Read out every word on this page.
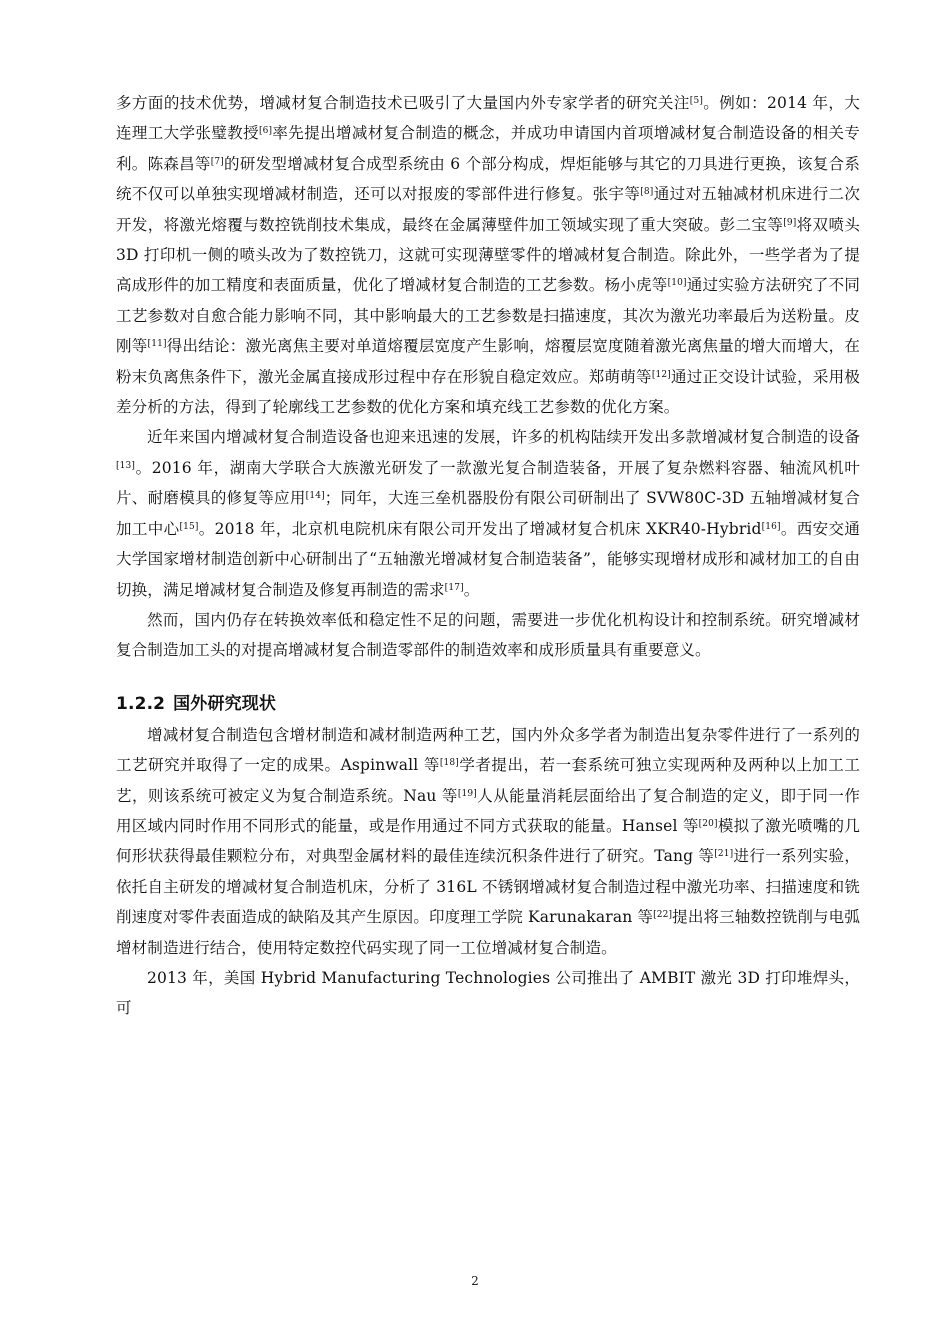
多方面的技术优势，增减材复合制造技术已吸引了大量国内外专家学者的研究关注[5]。例如：2014 年，大连理工大学张璧教授[6]率先提出增减材复合制造的概念，并成功申请国内首项增减材复合制造设备的相关专利。陈森昌等[7]的研发型增减材复合成型系统由 6 个部分构成，焊炬能够与其它的刀具进行更换，该复合系统不仅可以单独实现增减材制造，还可以对报废的零部件进行修复。张宇等[8]通过对五轴减材机床进行二次开发，将激光熔覆与数控铣削技术集成，最终在金属薄壁件加工领域实现了重大突破。彭二宝等[9]将双喷头 3D 打印机一侧的喷头改为了数控铣刀，这就可实现薄壁零件的增减材复合制造。除此外，一些学者为了提高成形件的加工精度和表面质量，优化了增减材复合制造的工艺参数。杨小虎等[10]通过实验方法研究了不同工艺参数对自愈合能力影响不同，其中影响最大的工艺参数是扫描速度，其次为激光功率最后为送粉量。皮刚等[11]得出结论：激光离焦主要对单道熔覆层宽度产生影响，熔覆层宽度随着激光离焦量的增大而增大，在粉末负离焦条件下，激光金属直接成形过程中存在形貌自稳定效应。郑萌萌等[12]通过正交设计试验，采用极差分析的方法，得到了轮廓线工艺参数的优化方案和填充线工艺参数的优化方案。

近年来国内增减材复合制造设备也迎来迅速的发展，许多的机构陆续开发出多款增减材复合制造的设备[13]。2016 年，湖南大学联合大族激光研发了一款激光复合制造装备，开展了复杂燃料容器、轴流风机叶片、耐磨模具的修复等应用[14]；同年，大连三垒机器股份有限公司研制出了 SVW80C-3D 五轴增减材复合加工中心[15]。2018 年，北京机电院机床有限公司开发出了增减材复合机床 XKR40-Hybrid[16]。西安交通大学国家增材制造创新中心研制出了“五轴激光增减材复合制造装备”，能够实现增材成形和减材加工的自由切换，满足增减材复合制造及修复再制造的需求[17]。

然而，国内仍存在转换效率低和稳定性不足的问题，需要进一步优化机构设计和控制系统。研究增减材复合制造加工头的对提高增减材复合制造零部件的制造效率和成形质量具有重要意义。

1.2.2 国外研究现状

增减材复合制造包含增材制造和减材制造两种工艺，国内外众多学者为制造出复杂零件进行了一系列的工艺研究并取得了一定的成果。Aspinwall 等[18]学者提出，若一套系统可独立实现两种及两种以上加工工艺，则该系统可被定义为复合制造系统。Nau 等[19]人从能量消耗层面给出了复合制造的定义，即于同一作用区域内同时作用不同形式的能量，或是作用通过不同方式获取的能量。Hansel 等[20]模拟了激光喷嘴的几何形状获得最佳颗粒分布，对典型金属材料的最佳连续沉积条件进行了研究。Tang 等[21]进行一系列实验，依托自主研发的增减材复合制造机床，分析了 316L 不锈钢增减材复合制造过程中激光功率、扫描速度和铣削速度对零件表面造成的缺陷及其产生原因。印度理工学院 Karunakaran 等[22]提出将三轴数控铣削与电弧增材制造进行结合，使用特定数控代码实现了同一工位增减材复合制造。

2013 年，美国 Hybrid Manufacturing Technologies 公司推出了 AMBIT 激光 3D 打印堆焊头，可

2
